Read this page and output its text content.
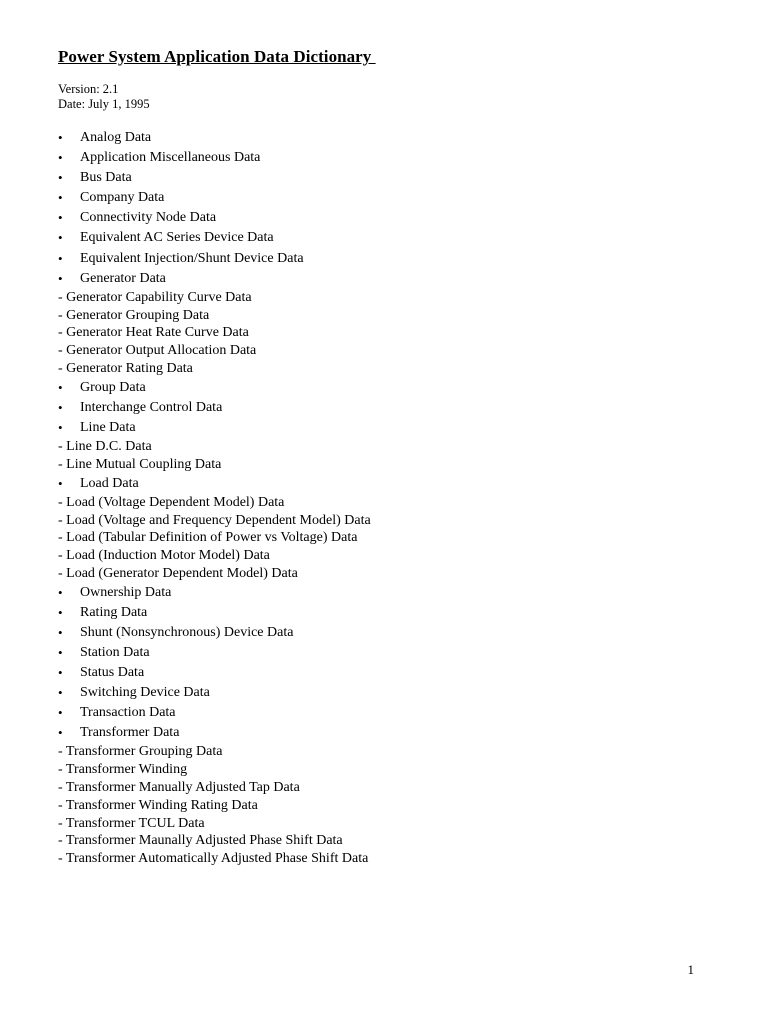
Power System Application Data Dictionary
Version: 2.1
Date: July 1, 1995
•	Analog Data
•	Application Miscellaneous Data
•	Bus Data
•	Company Data
•	Connectivity Node Data
•	Equivalent AC Series Device Data
•	Equivalent Injection/Shunt Device Data
•	Generator Data
- Generator Capability Curve Data
- Generator Grouping Data
- Generator Heat Rate Curve Data
- Generator Output Allocation Data
- Generator Rating Data
•	Group Data
•	Interchange Control Data
•	Line Data
- Line D.C. Data
- Line Mutual Coupling Data
•	Load Data
- Load (Voltage Dependent Model) Data
- Load (Voltage and Frequency Dependent Model) Data
- Load (Tabular Definition of Power vs Voltage) Data
- Load (Induction Motor Model) Data
- Load (Generator Dependent Model) Data
•	Ownership Data
•	Rating Data
•	Shunt (Nonsynchronous) Device Data
•	Station Data
•	Status Data
•	Switching Device Data
•	Transaction Data
•	Transformer Data
- Transformer Grouping Data
- Transformer Winding
- Transformer Manually Adjusted Tap Data
- Transformer Winding Rating Data
- Transformer TCUL Data
- Transformer Maunally Adjusted Phase Shift Data
- Transformer Automatically Adjusted Phase Shift Data
1
